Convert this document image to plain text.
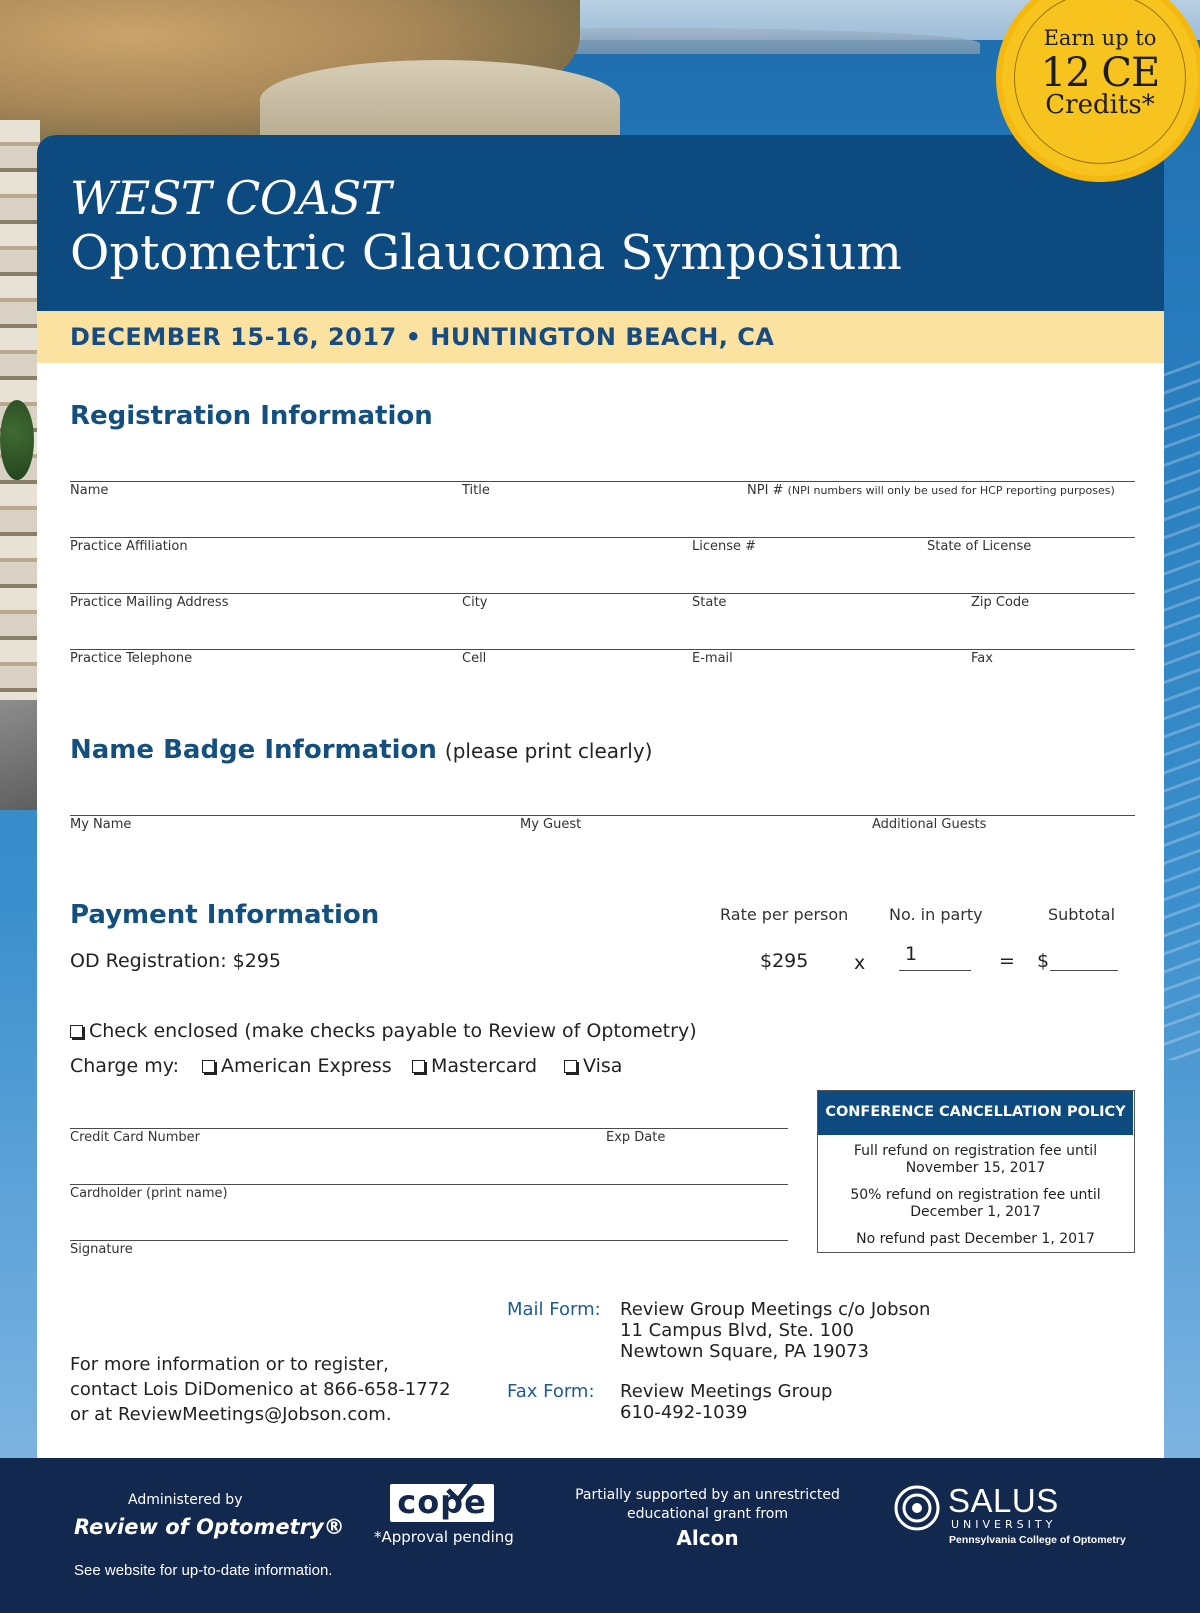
Earn up to
12 CE
Credits*
WEST COAST
Optometric Glaucoma Symposium
DECEMBER 15-16, 2017 • HUNTINGTON BEACH, CA
Registration Information
Name	Title	NPI # (NPI numbers will only be used for HCP reporting purposes)
Practice Affiliation	License #	State of License
Practice Mailing Address	City	State	Zip Code
Practice Telephone	Cell	E-mail	Fax
Name Badge Information (please print clearly)
My Name	My Guest	Additional Guests
Payment Information	Rate per person	No. in party	Subtotal
OD Registration: $295	$295 x 1	= $
Check enclosed (make checks payable to Review of Optometry)
Charge my:	American Express	Mastercard	Visa
Credit Card Number	Exp Date
Cardholder (print name)
Signature
CONFERENCE CANCELLATION POLICY
Full refund on registration fee until
November 15, 2017
50% refund on registration fee until
December 1, 2017
No refund past December 1, 2017
For more information or to register,
contact Lois DiDomenico at 866-658-1772
or at ReviewMeetings@Jobson.com.
Mail Form: Review Group Meetings c/o Jobson
11 Campus Blvd, Ste. 100
Newtown Square, PA 19073
Fax Form: Review Meetings Group
610-492-1039
Administered by
Review of Optometry®
See website for up-to-date information.
cope
*Approval pending
Partially supported by an unrestricted
educational grant from
Alcon
SALUS
UNIVERSITY
Pennsylvania College of Optometry
